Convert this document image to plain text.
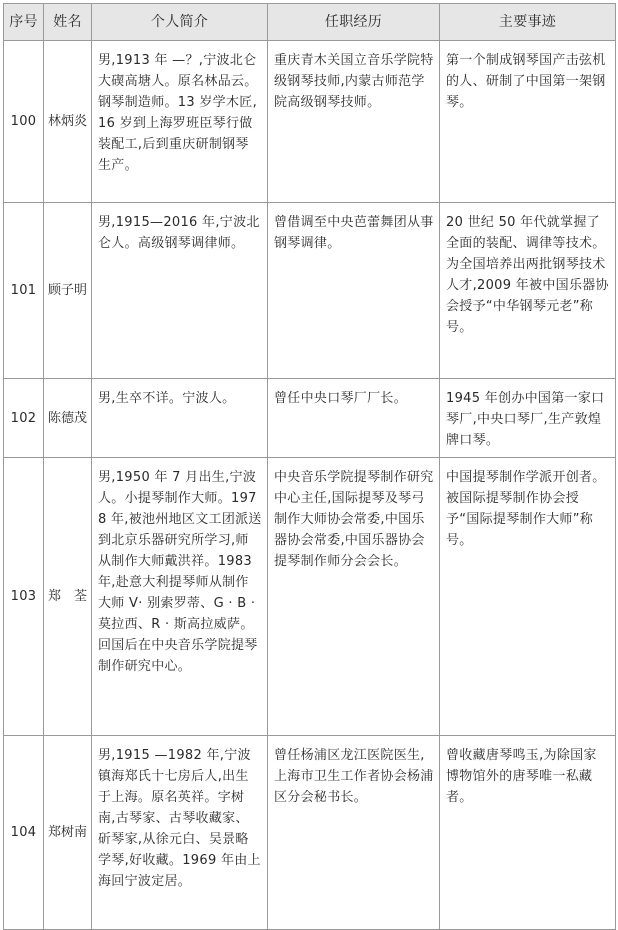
序号	姓名	个人简介	任职经历	主要事迹
100	林炳炎	男,1913 年 —？,宁波北仑大碶高塘人。原名林品云。钢琴制造师。13 岁学木匠,16 岁到上海罗班臣琴行做装配工,后到重庆研制钢琴生产。	重庆青木关国立音乐学院特级钢琴技师,内蒙古师范学院高级钢琴技师。	第一个制成钢琴国产击弦机的人、研制了中国第一架钢琴。
101	顾子明	男,1915—2016 年,宁波北仑人。高级钢琴调律师。	曾借调至中央芭蕾舞团从事钢琴调律。	20 世纪 50 年代就掌握了全面的装配、调律等技术。为全国培养出两批钢琴技术人才,2009 年被中国乐器协会授予“中华钢琴元老”称号。
102	陈德茂	男,生卒不详。宁波人。	曾任中央口琴厂厂长。	1945 年创办中国第一家口琴厂,中央口琴厂,生产敦煌牌口琴。
103	郑　荃	男,1950 年 7 月出生,宁波人。小提琴制作大师。1978 年,被池州地区文工团派送到北京乐器研究所学习,师从制作大师戴洪祥。1983 年,赴意大利提琴师从制作大师 V· 别索罗蒂、G · B · 莫拉西、R · 斯高拉威萨。回国后在中央音乐学院提琴制作研究中心。	中央音乐学院提琴制作研究中心主任,国际提琴及琴弓制作大师协会常委,中国乐器协会常委,中国乐器协会提琴制作师分会会长。	中国提琴制作学派开创者。被国际提琴制作协会授予“国际提琴制作大师”称号。
104	郑树南	男,1915 —1982 年,宁波镇海郑氏十七房后人,出生于上海。原名英祥。字树南,古琴家、古琴收藏家、斫琴家,从徐元白、吴景略学琴,好收藏。1969 年由上海回宁波定居。	曾任杨浦区龙江医院医生,上海市卫生工作者协会杨浦区分会秘书长。	曾收藏唐琴鸣玉,为除国家博物馆外的唐琴唯一私藏者。
